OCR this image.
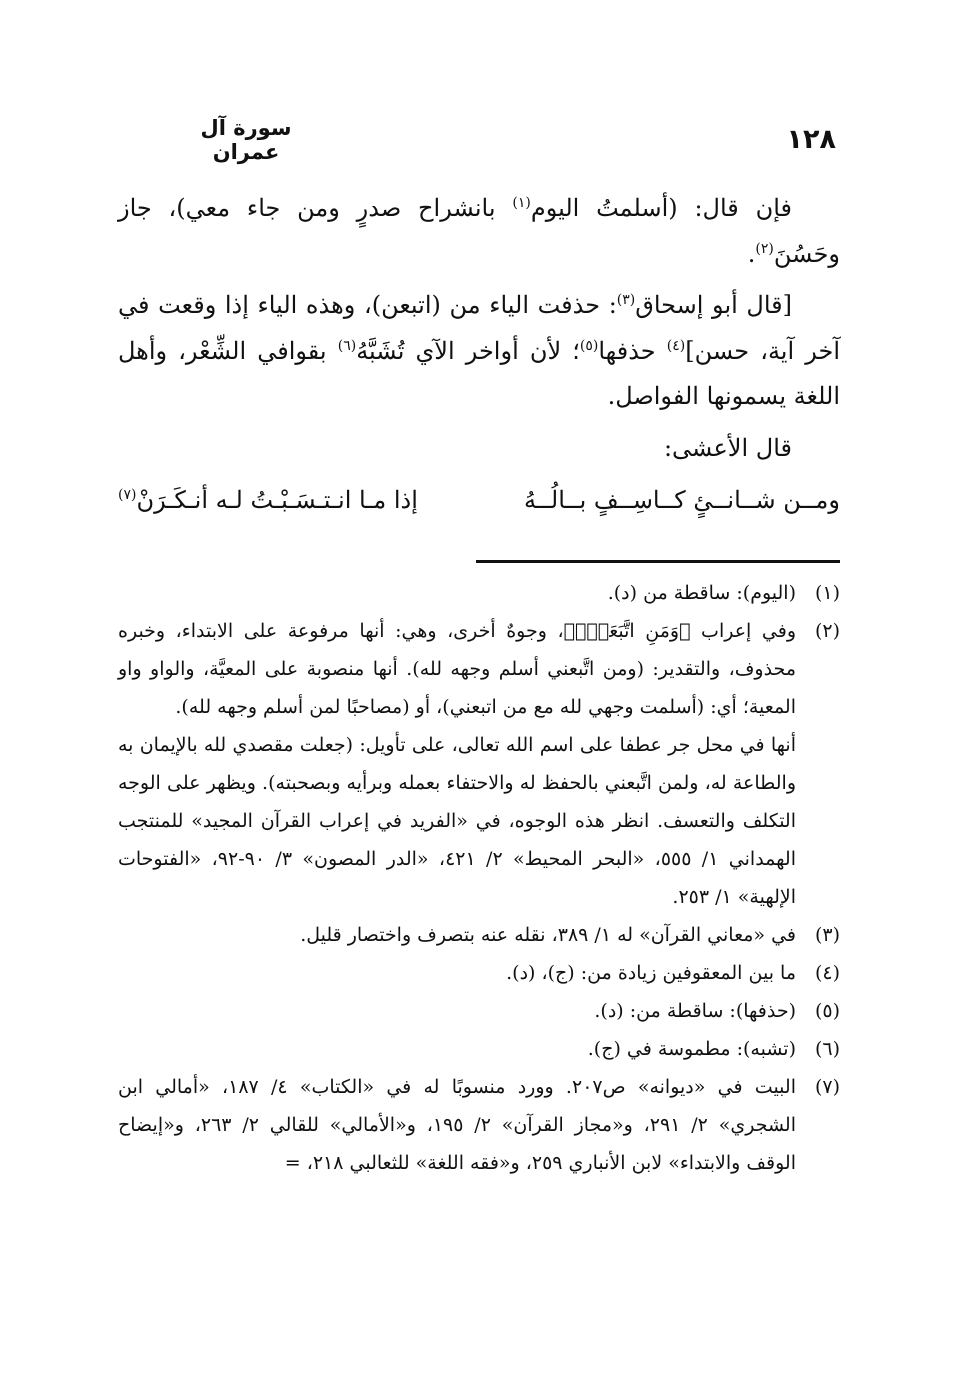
سورة آل عمران	١٢٨

فإن قال: (أسلمتُ اليوم$^{(١)}$ بانشراح صدرٍ ومن جاء معي)، جاز وحَسُنَ$^{(٢)}$.

[قال أبو إسحاق$^{(٣)}$: حذفت الياء من (اتبعن)، وهذه الياء إذا وقعت في آخر آية، حسن]$^{(٤)}$ حذفها$^{(٥)}$؛ لأن أواخر الآي تُشَبَّهُ$^{(٦)}$ بقوافي الشِّعْر، وأهل اللغة يسمونها الفواصل.

قال الأعشى:

ومــن شــانــئٍ كــاسِــفٍ بــالُــهُ
إذا مـا انـتـسَـبْـتُ لـه أنـكَـرَنْ$^{(٧)}$
(١)
(اليوم): ساقطة من (د).
(٢)
وفي إعراب ﴿وَمَنِ اتَّبَعَنِۗ﴾، وجوهٌ أخرى، وهي: أنها مرفوعة على الابتداء، وخبره محذوف، والتقدير: (ومن اتَّبعني أسلم وجهه لله). أنها منصوبة على المعيَّة، والواو واو المعية؛ أي: (أسلمت وجهي لله مع من اتبعني)، أو (مصاحبًا لمن أسلم وجهه لله).

أنها في محل جر عطفا على اسم الله تعالى، على تأويل: (جعلت مقصدي لله بالإيمان به والطاعة له، ولمن اتَّبعني بالحفظ له والاحتفاء بعمله وبرأيه وبصحبته). ويظهر على الوجه التكلف والتعسف. انظر هذه الوجوه، في «الفريد في إعراب القرآن المجيد» للمنتجب الهمداني ١/ ٥٥٥، «البحر المحيط» ٢/ ٤٢١، «الدر المصون» ٣/ ٩٠-٩٢، «الفتوحات الإلهية» ١/ ٢٥٣.

(٣)
في «معاني القرآن» له ١/ ٣٨٩، نقله عنه بتصرف واختصار قليل.
(٤)
ما بين المعقوفين زيادة من: (ج)، (د).
(٥)
(حذفها): ساقطة من: (د).
(٦)
(تشبه): مطموسة في (ج).
(٧)
البيت في «ديوانه» ص٢٠٧. وورد منسوبًا له في «الكتاب» ٤/ ١٨٧، «أمالي ابن الشجري» ٢/ ٢٩١، و«مجاز القرآن» ٢/ ١٩٥، و«الأمالي» للقالي ٢/ ٢٦٣، و«إيضاح الوقف والابتداء» لابن الأنباري ٢٥٩، و«فقه اللغة» للثعالبي ٢١٨، =
